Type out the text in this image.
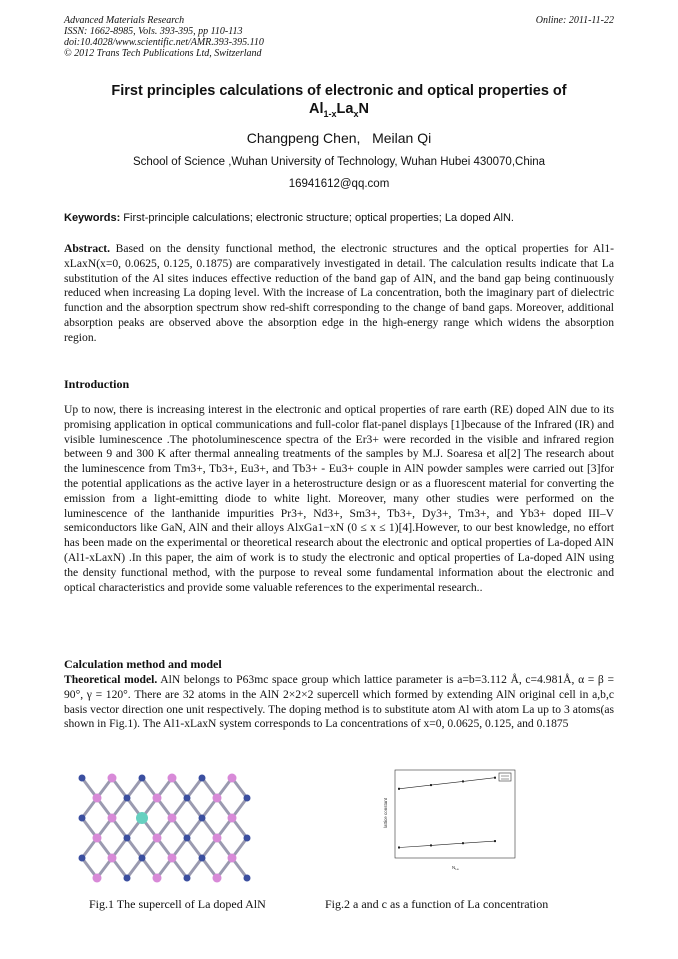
Advanced Materials Research
ISSN: 1662-8985, Vols. 393-395, pp 110-113
doi:10.4028/www.scientific.net/AMR.393-395.110
© 2012 Trans Tech Publications Ltd, Switzerland
Online: 2011-11-22
First principles calculations of electronic and optical properties of
$Al_{1-x}La_xN$
Changpeng Chen,   Meilan Qi
School of Science ,Wuhan University of Technology, Wuhan Hubei 430070,China
16941612@qq.com
Keywords: First-principle calculations; electronic structure; optical properties; La doped AlN.
Abstract. Based on the density functional method, the electronic structures and the optical properties for Al1-xLaxN(x=0, 0.0625, 0.125, 0.1875) are comparatively investigated in detail. The calculation results indicate that La substitution of the Al sites induces effective reduction of the band gap of AlN, and the band gap being continuously reduced when increasing La doping level. With the increase of La concentration, both the imaginary part of dielectric function and the absorption spectrum show red-shift corresponding to the change of band gaps. Moreover, additional absorption peaks are observed above the absorption edge in the high-energy range which widens the absorption region.
Introduction
Up to now, there is increasing interest in the electronic and optical properties of rare earth (RE) doped AlN due to its promising application in optical communications and full-color flat-panel displays [1]because of the Infrared (IR) and visible luminescence .The photoluminescence spectra of the Er3+ were recorded in the visible and infrared region between 9 and 300 K after thermal annealing treatments of the samples by M.J. Soaresa et al[2] The research about the luminescence from Tm3+, Tb3+, Eu3+, and Tb3+ - Eu3+ couple in AlN powder samples were carried out [3]for the potential applications as the active layer in a heterostructure design or as a fluorescent material for converting the emission from a light-emitting diode to white light. Moreover, many other studies were performed on the luminescence of the lanthanide impurities Pr3+, Nd3+, Sm3+, Tb3+, Dy3+, Tm3+, and Yb3+ doped III–V semiconductors like GaN, AlN and their alloys AlxGa1−xN (0 ≤ x ≤ 1)[4].However, to our best knowledge, no effort has been made on the experimental or theoretical research about the electronic and optical properties of La-doped AlN (Al1-xLaxN) .In this paper, the aim of work is to study the electronic and optical properties of La-doped AlN using the density functional method, with the purpose to reveal some fundamental information about the electronic and optical characteristics and provide some valuable references to the experimental research..
Calculation method and model
Theoretical model. AlN belongs to P63mc space group which lattice parameter is a=b=3.112 Å, c=4.981Å, α = β = 90°, γ = 120°. There are 32 atoms in the AlN 2×2×2 supercell which formed by extending AlN original cell in a,b,c basis vector direction one unit respectively. The doping method is to substitute atom Al with atom La up to 3 atoms(as shown in Fig.1). The Al1-xLaxN system corresponds to La concentrations of x=0, 0.0625, 0.125, and 0.1875
lattice constant
$N_{La}$
Fig.1 The supercell of La doped AlN	Fig.2 a and c as a function of La concentration
